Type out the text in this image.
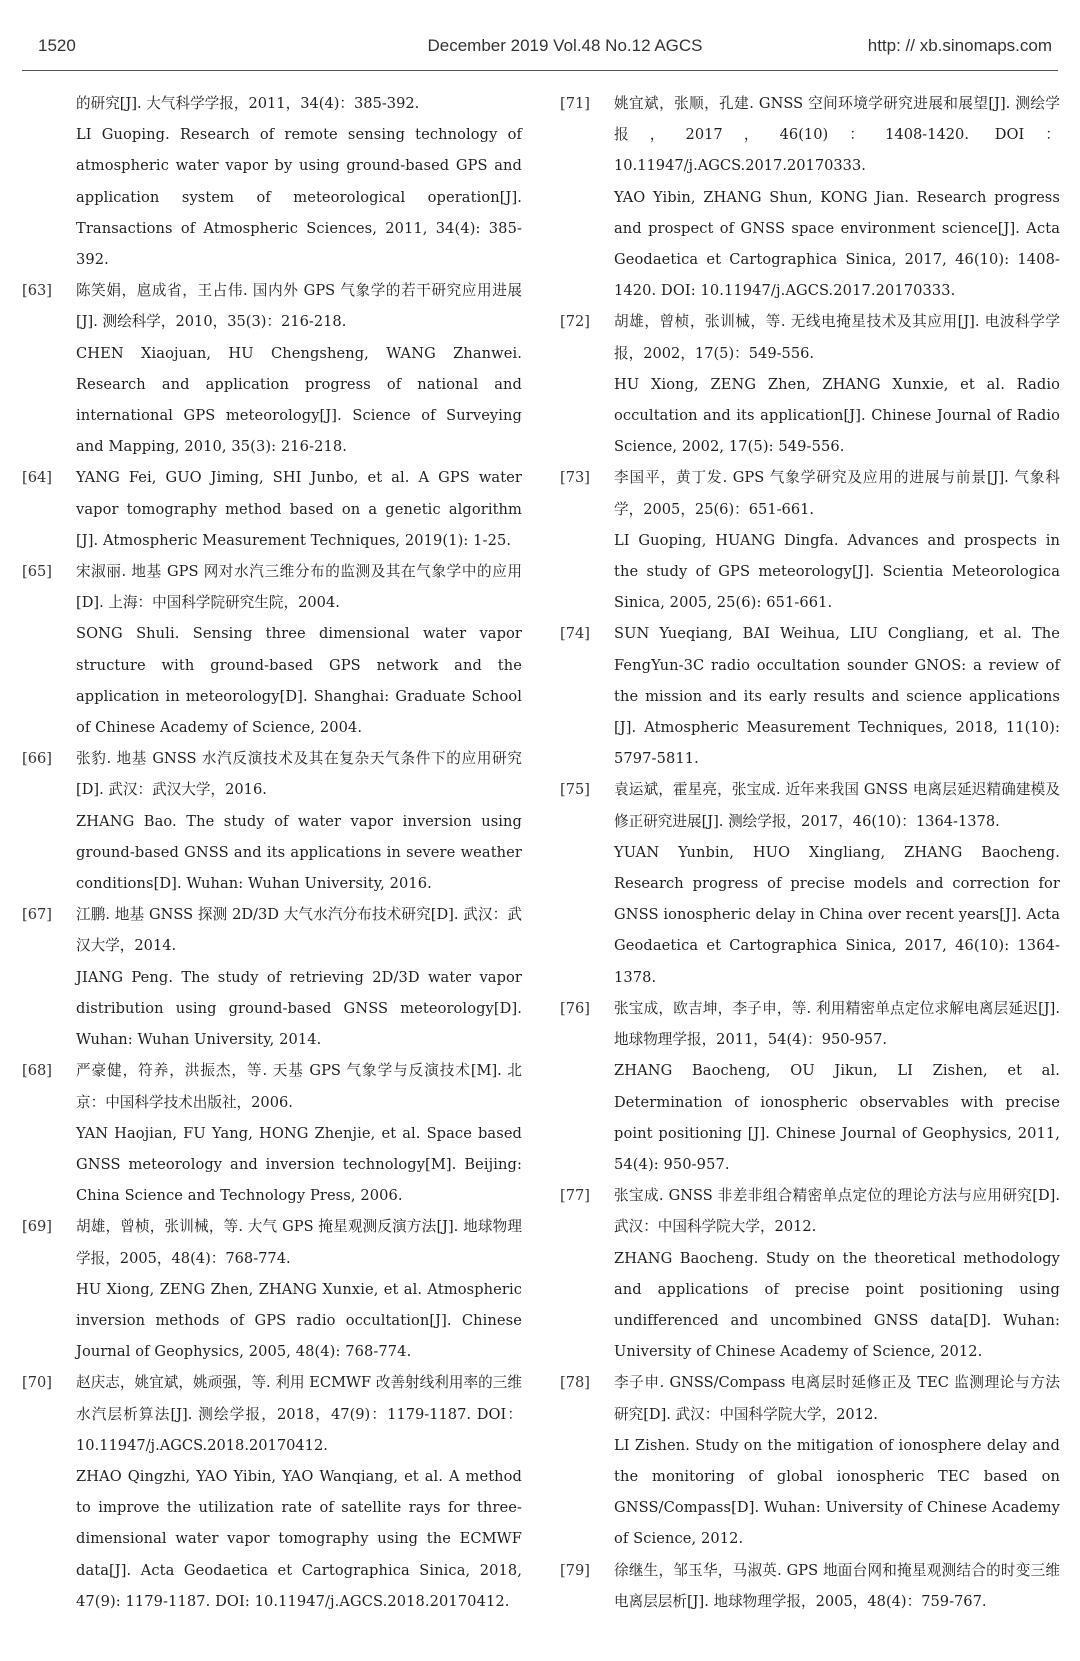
1520	December 2019 Vol.48 No.12 AGCS	http: // xb.sinomaps.com
的研究[J]. 大气科学学报，2011，34(4)：385-392.
LI Guoping. Research of remote sensing technology of atmospheric water vapor by using ground-based GPS and application system of meteorological operation[J]. Transactions of Atmospheric Sciences, 2011, 34(4): 385-392.
[63]	陈笑娟，扈成省，王占伟. 国内外 GPS 气象学的若干研究应用进展[J]. 测绘科学，2010，35(3)：216-218.
CHEN Xiaojuan, HU Chengsheng, WANG Zhanwei. Research and application progress of national and international GPS meteorology[J]. Science of Surveying and Mapping, 2010, 35(3): 216-218.
[64]	YANG Fei, GUO Jiming, SHI Junbo, et al. A GPS water vapor tomography method based on a genetic algorithm [J]. Atmospheric Measurement Techniques, 2019(1): 1-25.
[65]	宋淑丽. 地基 GPS 网对水汽三维分布的监测及其在气象学中的应用[D]. 上海：中国科学院研究生院，2004.
SONG Shuli. Sensing three dimensional water vapor structure with ground-based GPS network and the application in meteorology[D]. Shanghai: Graduate School of Chinese Academy of Science, 2004.
[66]	张豹. 地基 GNSS 水汽反演技术及其在复杂天气条件下的应用研究[D]. 武汉：武汉大学，2016.
ZHANG Bao. The study of water vapor inversion using ground-based GNSS and its applications in severe weather conditions[D]. Wuhan: Wuhan University, 2016.
[67]	江鹏. 地基 GNSS 探测 2D/3D 大气水汽分布技术研究[D]. 武汉：武汉大学，2014.
JIANG Peng. The study of retrieving 2D/3D water vapor distribution using ground-based GNSS meteorology[D]. Wuhan: Wuhan University, 2014.
[68]	严豪健，符养，洪振杰，等. 天基 GPS 气象学与反演技术[M]. 北京：中国科学技术出版社，2006.
YAN Haojian, FU Yang, HONG Zhenjie, et al. Space based GNSS meteorology and inversion technology[M]. Beijing: China Science and Technology Press, 2006.
[69]	胡雄，曾桢，张训械，等. 大气 GPS 掩星观测反演方法[J]. 地球物理学报，2005，48(4)：768-774.
HU Xiong, ZENG Zhen, ZHANG Xunxie, et al. Atmospheric inversion methods of GPS radio occultation[J]. Chinese Journal of Geophysics, 2005, 48(4): 768-774.
[70]	赵庆志，姚宜斌，姚顽强，等. 利用 ECMWF 改善射线利用率的三维水汽层析算法[J]. 测绘学报，2018，47(9)：1179-1187. DOI：10.11947/j.AGCS.2018.20170412.
ZHAO Qingzhi, YAO Yibin, YAO Wanqiang, et al. A method to improve the utilization rate of satellite rays for three-dimensional water vapor tomography using the ECMWF data[J]. Acta Geodaetica et Cartographica Sinica, 2018, 47(9): 1179-1187. DOI: 10.11947/j.AGCS.2018.20170412.
[71]	姚宜斌，张顺，孔建. GNSS 空间环境学研究进展和展望[J]. 测绘学报，2017，46(10)：1408-1420. DOI：10.11947/j.AGCS.2017.20170333.
YAO Yibin, ZHANG Shun, KONG Jian. Research progress and prospect of GNSS space environment science[J]. Acta Geodaetica et Cartographica Sinica, 2017, 46(10): 1408-1420. DOI: 10.11947/j.AGCS.2017.20170333.
[72]	胡雄，曾桢，张训械，等. 无线电掩星技术及其应用[J]. 电波科学学报，2002，17(5)：549-556.
HU Xiong, ZENG Zhen, ZHANG Xunxie, et al. Radio occultation and its application[J]. Chinese Journal of Radio Science, 2002, 17(5): 549-556.
[73]	李国平，黄丁发. GPS 气象学研究及应用的进展与前景[J]. 气象科学，2005，25(6)：651-661.
LI Guoping, HUANG Dingfa. Advances and prospects in the study of GPS meteorology[J]. Scientia Meteorologica Sinica, 2005, 25(6): 651-661.
[74]	SUN Yueqiang, BAI Weihua, LIU Congliang, et al. The FengYun-3C radio occultation sounder GNOS: a review of the mission and its early results and science applications [J]. Atmospheric Measurement Techniques, 2018, 11(10): 5797-5811.
[75]	袁运斌，霍星亮，张宝成. 近年来我国 GNSS 电离层延迟精确建模及修正研究进展[J]. 测绘学报，2017，46(10)：1364-1378.
YUAN Yunbin, HUO Xingliang, ZHANG Baocheng. Research progress of precise models and correction for GNSS ionospheric delay in China over recent years[J]. Acta Geodaetica et Cartographica Sinica, 2017, 46(10): 1364-1378.
[76]	张宝成，欧吉坤，李子申，等. 利用精密单点定位求解电离层延迟[J]. 地球物理学报，2011，54(4)：950-957.
ZHANG Baocheng, OU Jikun, LI Zishen, et al. Determination of ionospheric observables with precise point positioning [J]. Chinese Journal of Geophysics, 2011, 54(4): 950-957.
[77]	张宝成. GNSS 非差非组合精密单点定位的理论方法与应用研究[D]. 武汉：中国科学院大学，2012.
ZHANG Baocheng. Study on the theoretical methodology and applications of precise point positioning using undifferenced and uncombined GNSS data[D]. Wuhan: University of Chinese Academy of Science, 2012.
[78]	李子申. GNSS/Compass 电离层时延修正及 TEC 监测理论与方法研究[D]. 武汉：中国科学院大学，2012.
LI Zishen. Study on the mitigation of ionosphere delay and the monitoring of global ionospheric TEC based on GNSS/Compass[D]. Wuhan: University of Chinese Academy of Science, 2012.
[79]	徐继生，邹玉华，马淑英. GPS 地面台网和掩星观测结合的时变三维电离层层析[J]. 地球物理学报，2005，48(4)：759-767.
